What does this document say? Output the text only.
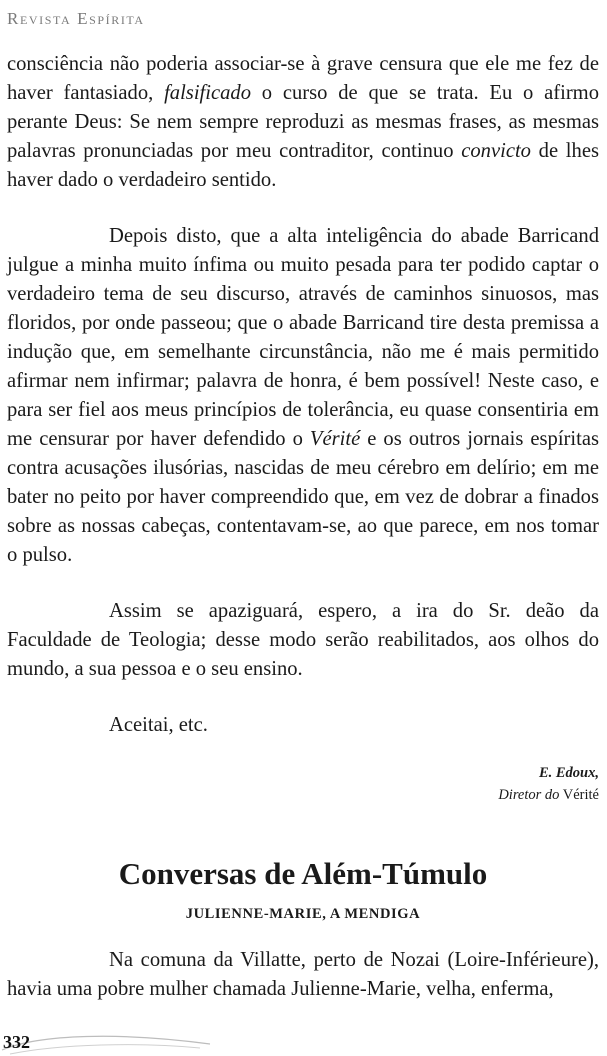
Revista Espírita

consciência não poderia associar-se à grave censura que ele me fez de haver fantasiado, falsificado o curso de que se trata. Eu o afirmo perante Deus: Se nem sempre reproduzi as mesmas frases, as mesmas palavras pronunciadas por meu contraditor, continuo convicto de lhes haver dado o verdadeiro sentido.

Depois disto, que a alta inteligência do abade Barricand julgue a minha muito ínfima ou muito pesada para ter podido captar o verdadeiro tema de seu discurso, através de caminhos sinuosos, mas floridos, por onde passeou; que o abade Barricand tire desta premissa a indução que, em semelhante circunstância, não me é mais permitido afirmar nem infirmar; palavra de honra, é bem possível! Neste caso, e para ser fiel aos meus princípios de tolerância, eu quase consentiria em me censurar por haver defendido o Vérité e os outros jornais espíritas contra acusações ilusórias, nascidas de meu cérebro em delírio; em me bater no peito por haver compreendido que, em vez de dobrar a finados sobre as nossas cabeças, contentavam-se, ao que parece, em nos tomar o pulso.

Assim se apaziguará, espero, a ira do Sr. deão da Faculdade de Teologia; desse modo serão reabilitados, aos olhos do mundo, a sua pessoa e o seu ensino.

Aceitai, etc.

E. Edoux,
Diretor do Vérité
Conversas de Além-Túmulo
JULIENNE-MARIE, A MENDIGA

Na comuna da Villatte, perto de Nozai (Loire-Inférieure), havia uma pobre mulher chamada Julienne-Marie, velha, enferma,

332
